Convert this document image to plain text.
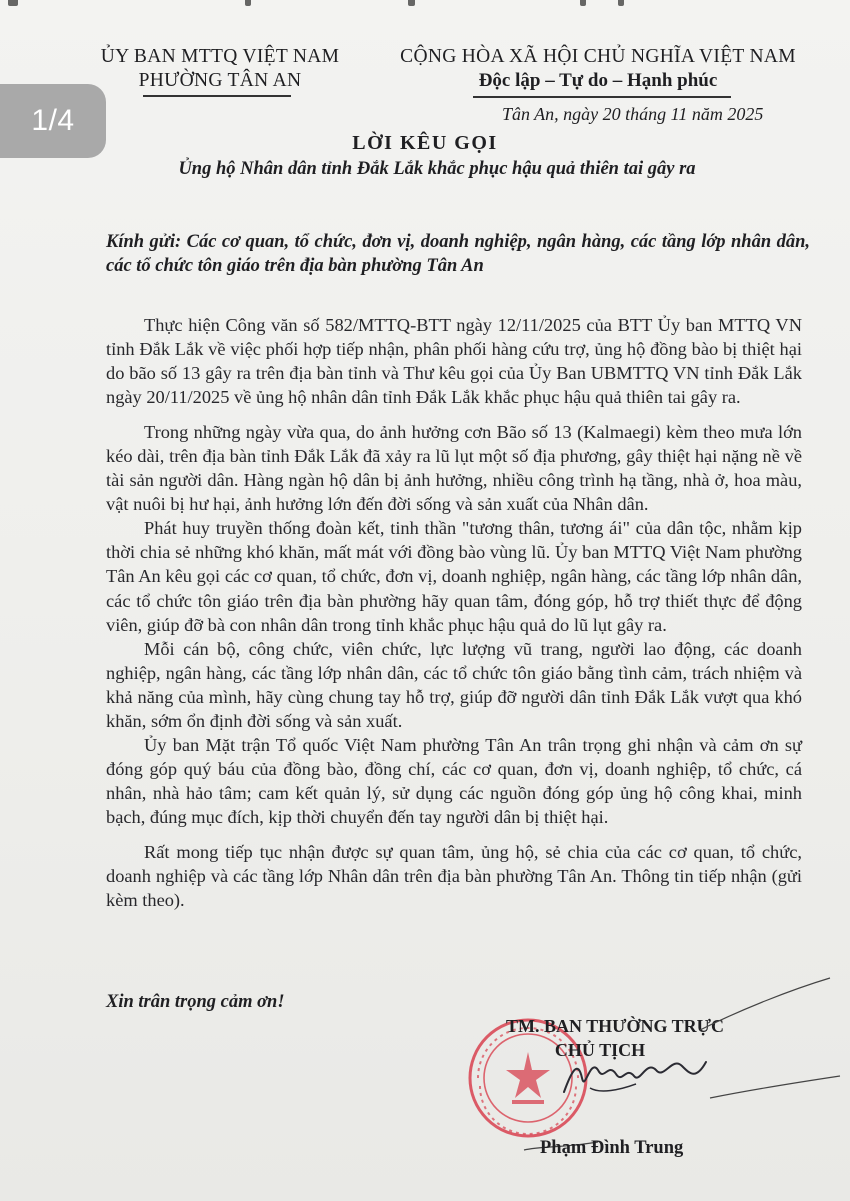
ỦY BAN MTTQ VIỆT NAM
PHƯỜNG TÂN AN
CỘNG HÒA XÃ HỘI CHỦ NGHĨA VIỆT NAM
Độc lập – Tự do – Hạnh phúc
Tân An, ngày 20 tháng 11 năm 2025
LỜI KÊU GỌI
Ủng hộ Nhân dân tỉnh Đắk Lắk khắc phục hậu quả thiên tai gây ra
Kính gửi: Các cơ quan, tổ chức, đơn vị, doanh nghiệp, ngân hàng, các tầng lớp nhân dân, các tổ chức tôn giáo trên địa bàn phường Tân An

Thực hiện Công văn số 582/MTTQ-BTT ngày 12/11/2025 của BTT Ủy ban MTTQ VN tỉnh Đắk Lắk về việc phối hợp tiếp nhận, phân phối hàng cứu trợ, ủng hộ đồng bào bị thiệt hại do bão số 13 gây ra trên địa bàn tỉnh và Thư kêu gọi của Ủy Ban UBMTTQ VN tỉnh Đắk Lắk ngày 20/11/2025 về ủng hộ nhân dân tỉnh Đắk Lắk khắc phục hậu quả thiên tai gây ra.

Trong những ngày vừa qua, do ảnh hưởng cơn Bão số 13 (Kalmaegi) kèm theo mưa lớn kéo dài, trên địa bàn tỉnh Đắk Lắk đã xảy ra lũ lụt một số địa phương, gây thiệt hại nặng nề về tài sản người dân. Hàng ngàn hộ dân bị ảnh hưởng, nhiều công trình hạ tầng, nhà ở, hoa màu, vật nuôi bị hư hại, ảnh hưởng lớn đến đời sống và sản xuất của Nhân dân.

Phát huy truyền thống đoàn kết, tinh thần "tương thân, tương ái" của dân tộc, nhằm kịp thời chia sẻ những khó khăn, mất mát với đồng bào vùng lũ. Ủy ban MTTQ Việt Nam phường Tân An kêu gọi các cơ quan, tổ chức, đơn vị, doanh nghiệp, ngân hàng, các tầng lớp nhân dân, các tổ chức tôn giáo trên địa bàn phường hãy quan tâm, đóng góp, hỗ trợ thiết thực để động viên, giúp đỡ bà con nhân dân trong tỉnh khắc phục hậu quả do lũ lụt gây ra.

Mỗi cán bộ, công chức, viên chức, lực lượng vũ trang, người lao động, các doanh nghiệp, ngân hàng, các tầng lớp nhân dân, các tổ chức tôn giáo bằng tình cảm, trách nhiệm và khả năng của mình, hãy cùng chung tay hỗ trợ, giúp đỡ người dân tỉnh Đắk Lắk vượt qua khó khăn, sớm ổn định đời sống và sản xuất.

Ủy ban Mặt trận Tổ quốc Việt Nam phường Tân An trân trọng ghi nhận và cảm ơn sự đóng góp quý báu của đồng bào, đồng chí, các cơ quan, đơn vị, doanh nghiệp, tổ chức, cá nhân, nhà hảo tâm; cam kết quản lý, sử dụng các nguồn đóng góp ủng hộ công khai, minh bạch, đúng mục đích, kịp thời chuyển đến tay người dân bị thiệt hại.

Rất mong tiếp tục nhận được sự quan tâm, ủng hộ, sẻ chia của các cơ quan, tổ chức, doanh nghiệp và các tầng lớp Nhân dân trên địa bàn phường Tân An. Thông tin tiếp nhận (gửi kèm theo).

Xin trân trọng cảm ơn!
TM. BAN THƯỜNG TRỰC
CHỦ TỊCH
Phạm Đình Trung
1/4
